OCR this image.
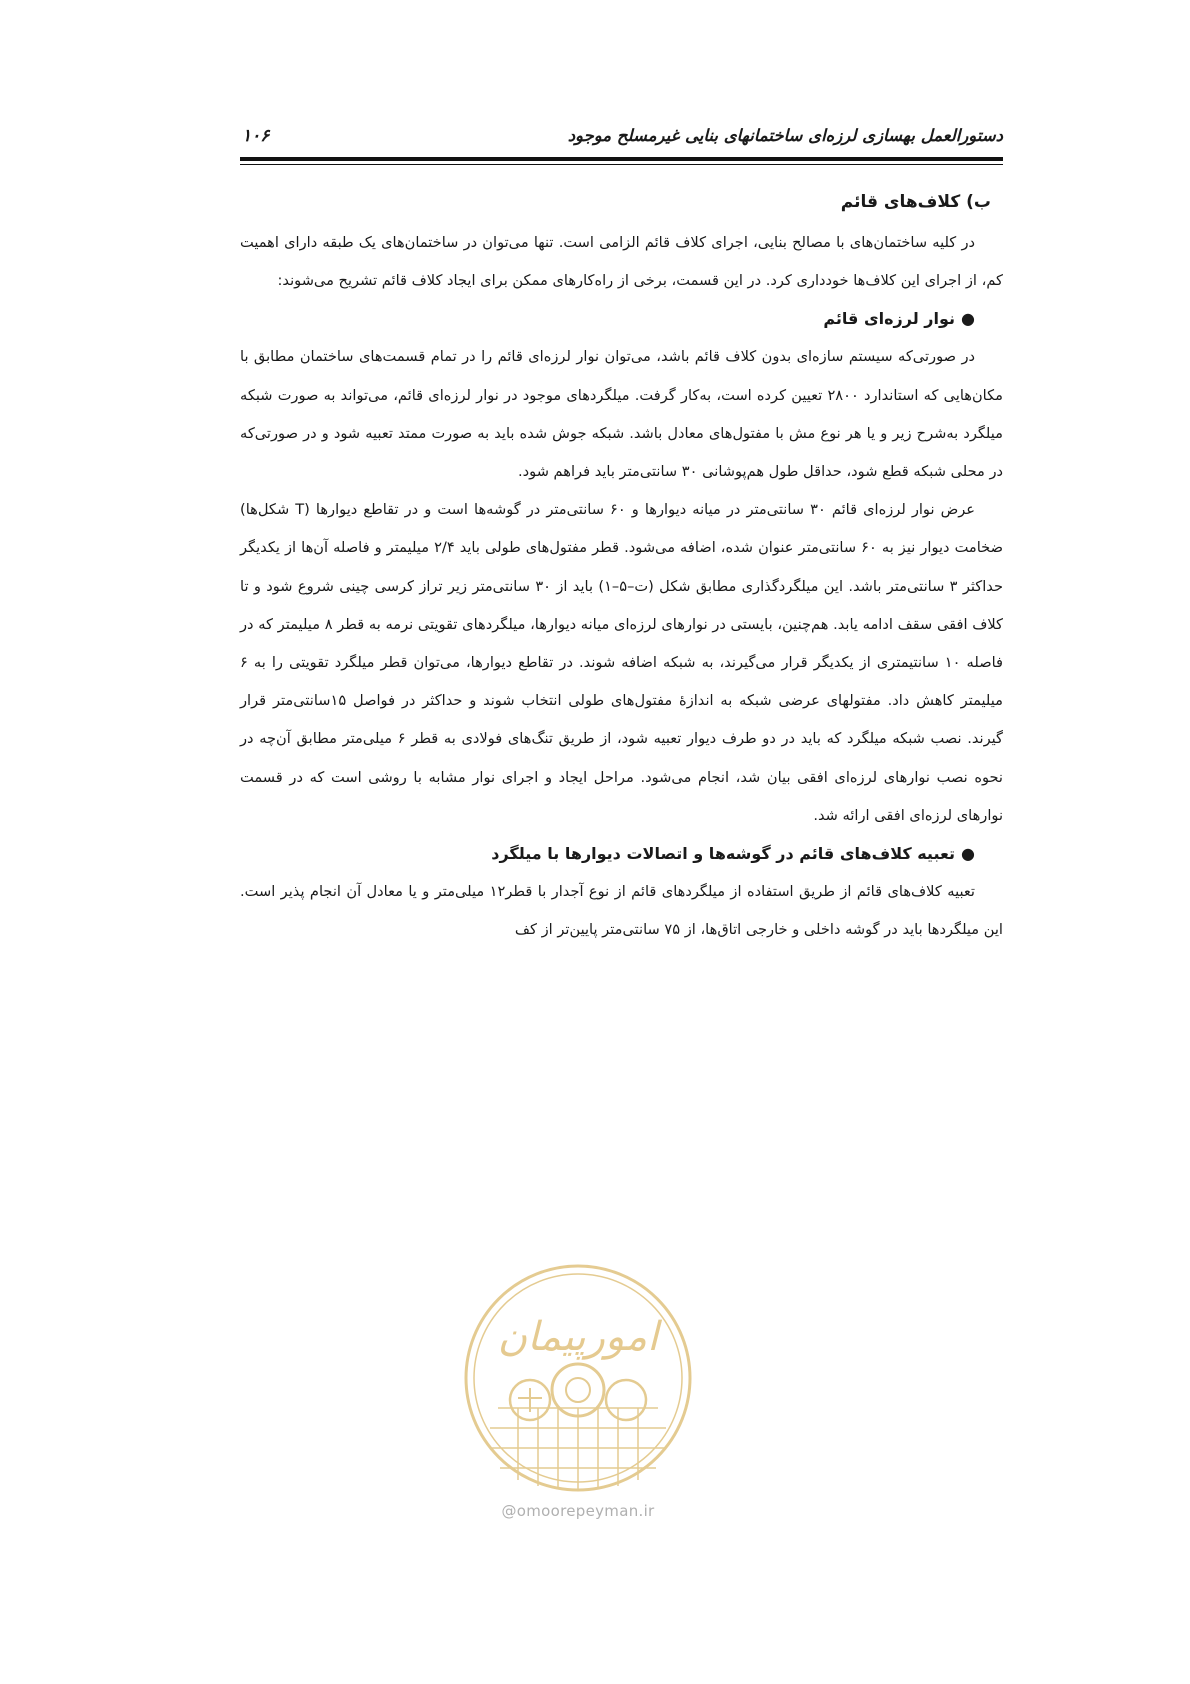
دستورالعمل بهسازی لرزه‌ای ساختمانهای بنایی غیرمسلح موجود
۱۰۶
ب) کلاف‌های قائم

در کلیه ساختمان‌های با مصالح بنایی، اجرای کلاف قائم الزامی است. تنها می‌توان در ساختمان‌های یک طبقه دارای اهمیت کم، از اجرای این کلاف‌ها خودداری کرد. در این قسمت، برخی از راه‌کارهای ممکن برای ایجاد کلاف قائم تشریح می‌شوند:

●نوار لرزه‌ای قائم

در صورتی‌که سیستم سازه‌ای بدون کلاف قائم باشد، می‌توان نوار لرزه‌ای قائم را در تمام قسمت‌های ساختمان مطابق با مکان‌هایی که استاندارد ۲۸۰۰ تعیین کرده است، به‌کار گرفت. میلگردهای موجود در نوار لرزه‌ای قائم، می‌تواند به صورت شبکه میلگرد به‌شرح زیر و یا هر نوع مش با مفتول‌های معادل باشد. شبکه جوش شده باید به صورت ممتد تعبیه شود و در صورتی‌که در محلی شبکه قطع شود، حداقل طول هم‌پوشانی ۳۰ سانتی‌متر باید فراهم شود.

عرض نوار لرزه‌ای قائم ۳۰ سانتی‌متر در میانه دیوارها و ۶۰ سانتی‌متر در گوشه‌ها است و در تقاطع دیوارها (T شکل‌ها) ضخامت دیوار نیز به ۶۰ سانتی‌متر عنوان شده، اضافه می‌شود. قطر مفتول‌های طولی باید ۲/۴ میلیمتر و فاصله آن‌ها از یکدیگر حداکثر ۳ سانتی‌متر باشد. این میلگردگذاری مطابق شکل (ت–۵–۱) باید از ۳۰ سانتی‌متر زیر تراز کرسی چینی شروع شود و تا کلاف افقی سقف ادامه یابد. هم‌چنین، بایستی در نوارهای لرزه‌ای میانه دیوارها، میلگردهای تقویتی نرمه به قطر ۸ میلیمتر که در فاصله ۱۰ سانتیمتری از یکدیگر قرار می‌گیرند، به شبکه اضافه شوند. در تقاطع دیوارها، می‌توان قطر میلگرد تقویتی را به ۶ میلیمتر کاهش داد. مفتولهای عرضی شبکه به اندازهٔ مفتول‌های طولی انتخاب شوند و حداکثر در فواصل ۱۵سانتی‌متر قرار گیرند. نصب شبکه میلگرد که باید در دو طرف دیوار تعبیه شود، از طریق تنگ‌های فولادی به قطر ۶ میلی‌متر مطابق آن‌چه در نحوه نصب نوارهای لرزه‌ای افقی بیان شد، انجام می‌شود. مراحل ایجاد و اجرای نوار مشابه با روشی است که در قسمت نوارهای لرزه‌ای افقی ارائه شد.

●تعبیه کلاف‌های قائم در گوشه‌ها و اتصالات دیوارها با میلگرد

تعبیه کلاف‌های قائم از طریق استفاده از میلگردهای قائم از نوع آجدار با قطر۱۲ میلی‌متر و یا معادل آن انجام پذیر است. این میلگردها باید در گوشه داخلی و خارجی اتاق‌ها، از ۷۵ سانتی‌متر پایین‌تر از کف

امورپیمان
@omoorepeyman.ir
